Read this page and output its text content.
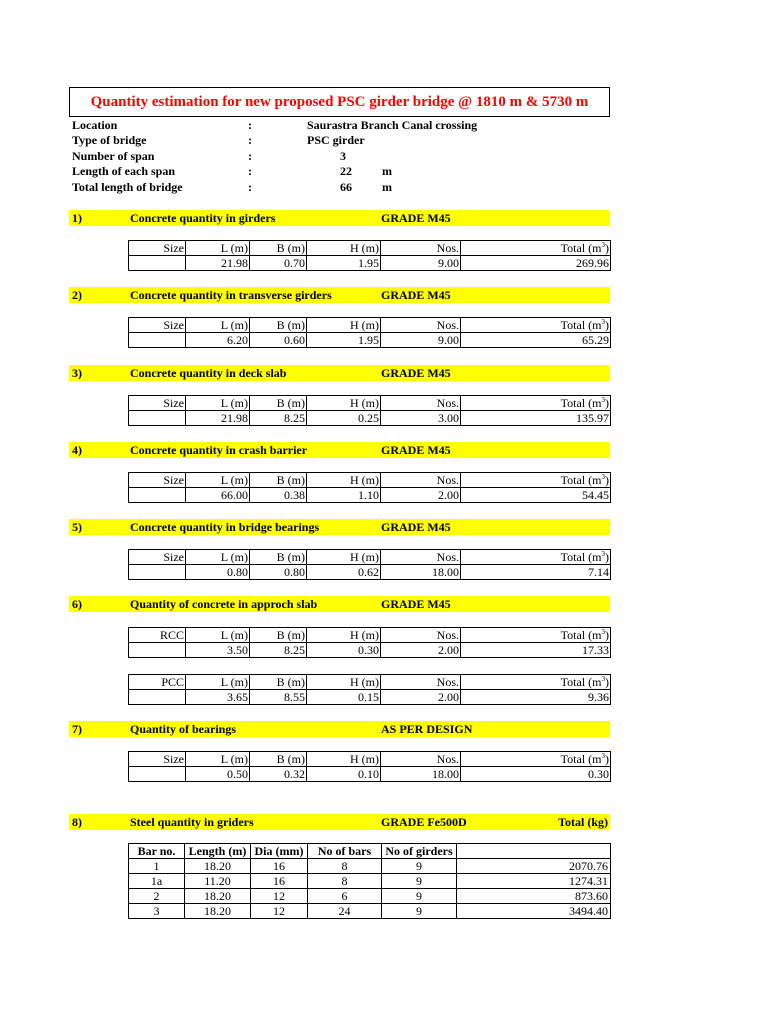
Quantity estimation for new proposed PSC girder bridge @ 1810 m & 5730 m
Location	:	Saurastra Branch Canal crossing
Type of bridge	:	PSC girder
Number of span	:	3
Length of each span	:	22	m
Total length of bridge	:	66	m
1)	Concrete quantity in girders	GRADE M45
Size	L (m)	B (m)	H (m)	Nos.	Total $(m^3)$
	21.98	0.70	1.95	9.00	269.96
2)	Concrete quantity in transverse girders	GRADE M45
Size	L (m)	B (m)	H (m)	Nos.	Total $(m^3)$
	6.20	0.60	1.95	9.00	65.29
3)	Concrete quantity in deck slab	GRADE M45
Size	L (m)	B (m)	H (m)	Nos.	Total $(m^3)$
	21.98	8.25	0.25	3.00	135.97
4)	Concrete quantity in crash barrier	GRADE M45
Size	L (m)	B (m)	H (m)	Nos.	Total $(m^3)$
	66.00	0.38	1.10	2.00	54.45
5)	Concrete quantity in bridge bearings	GRADE M45
Size	L (m)	B (m)	H (m)	Nos.	Total $(m^3)$
	0.80	0.80	0.62	18.00	7.14
6)	Quantity of concrete in approch slab	GRADE M45
RCC	L (m)	B (m)	H (m)	Nos.	Total $(m^3)$
	3.50	8.25	0.30	2.00	17.33
PCC	L (m)	B (m)	H (m)	Nos.	Total $(m^3)$
	3.65	8.55	0.15	2.00	9.36
7)	Quantity of bearings	AS PER DESIGN
Size	L (m)	B (m)	H (m)	Nos.	Total $(m^3)$
	0.50	0.32	0.10	18.00	0.30
8)	Steel quantity in griders	GRADE Fe500D	Total (kg)
Bar no.	Length (m)	Dia (mm)	No of bars	No of girders	
1	18.20	16	8	9	2070.76
1a	11.20	16	8	9	1274.31
2	18.20	12	6	9	873.60
3	18.20	12	24	9	3494.40
